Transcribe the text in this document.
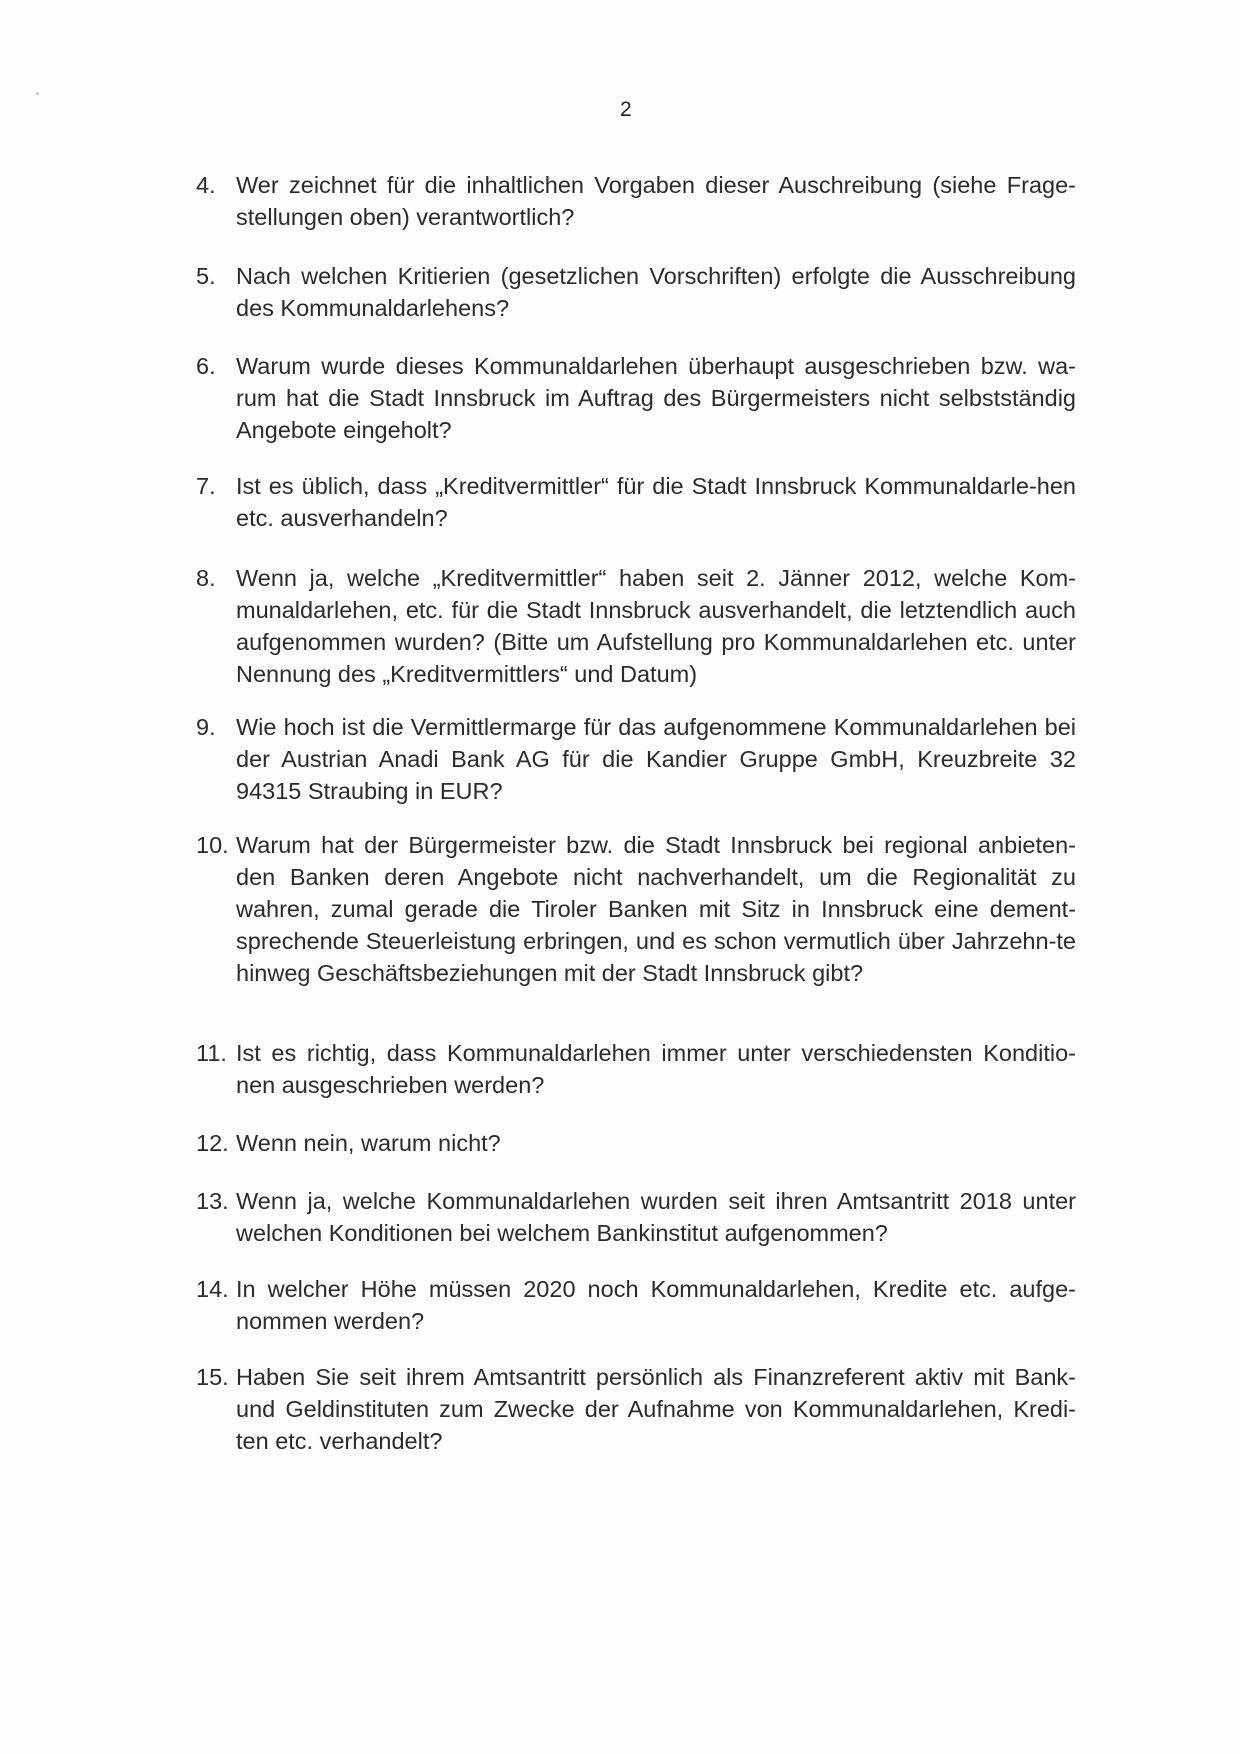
2
4. Wer zeichnet für die inhaltlichen Vorgaben dieser Auschreibung (siehe Frage-stellungen oben) verantwortlich?
5. Nach welchen Kritierien (gesetzlichen Vorschriften) erfolgte die Ausschreibung des Kommunaldarlehens?
6. Warum wurde dieses Kommunaldarlehen überhaupt ausgeschrieben bzw. wa-rum hat die Stadt Innsbruck im Auftrag des Bürgermeisters nicht selbstständig Angebote eingeholt?
7. Ist es üblich, dass „Kreditvermittler“ für die Stadt Innsbruck Kommunaldarle-hen etc. ausverhandeln?
8. Wenn ja, welche „Kreditvermittler“ haben seit 2. Jänner 2012, welche Kom-munaldarlehen, etc. für die Stadt Innsbruck ausverhandelt, die letztendlich auch aufgenommen wurden? (Bitte um Aufstellung pro Kommunaldarlehen etc. unter Nennung des „Kreditvermittlers“ und Datum)
9. Wie hoch ist die Vermittlermarge für das aufgenommene Kommunaldarlehen bei der Austrian Anadi Bank AG für die Kandier Gruppe GmbH, Kreuzbreite 32 94315 Straubing in EUR?
10. Warum hat der Bürgermeister bzw. die Stadt Innsbruck bei regional anbieten-den Banken deren Angebote nicht nachverhandelt, um die Regionalität zu wahren, zumal gerade die Tiroler Banken mit Sitz in Innsbruck eine dement-sprechende Steuerleistung erbringen, und es schon vermutlich über Jahrzehn-te hinweg Geschäftsbeziehungen mit der Stadt Innsbruck gibt?
11. Ist es richtig, dass Kommunaldarlehen immer unter verschiedensten Konditio-nen ausgeschrieben werden?
12. Wenn nein, warum nicht?
13. Wenn ja, welche Kommunaldarlehen wurden seit ihren Amtsantritt 2018 unter welchen Konditionen bei welchem Bankinstitut aufgenommen?
14. In welcher Höhe müssen 2020 noch Kommunaldarlehen, Kredite etc. aufge-nommen werden?
15. Haben Sie seit ihrem Amtsantritt persönlich als Finanzreferent aktiv mit Bank- und Geldinstituten zum Zwecke der Aufnahme von Kommunaldarlehen, Kredi-ten etc. verhandelt?
